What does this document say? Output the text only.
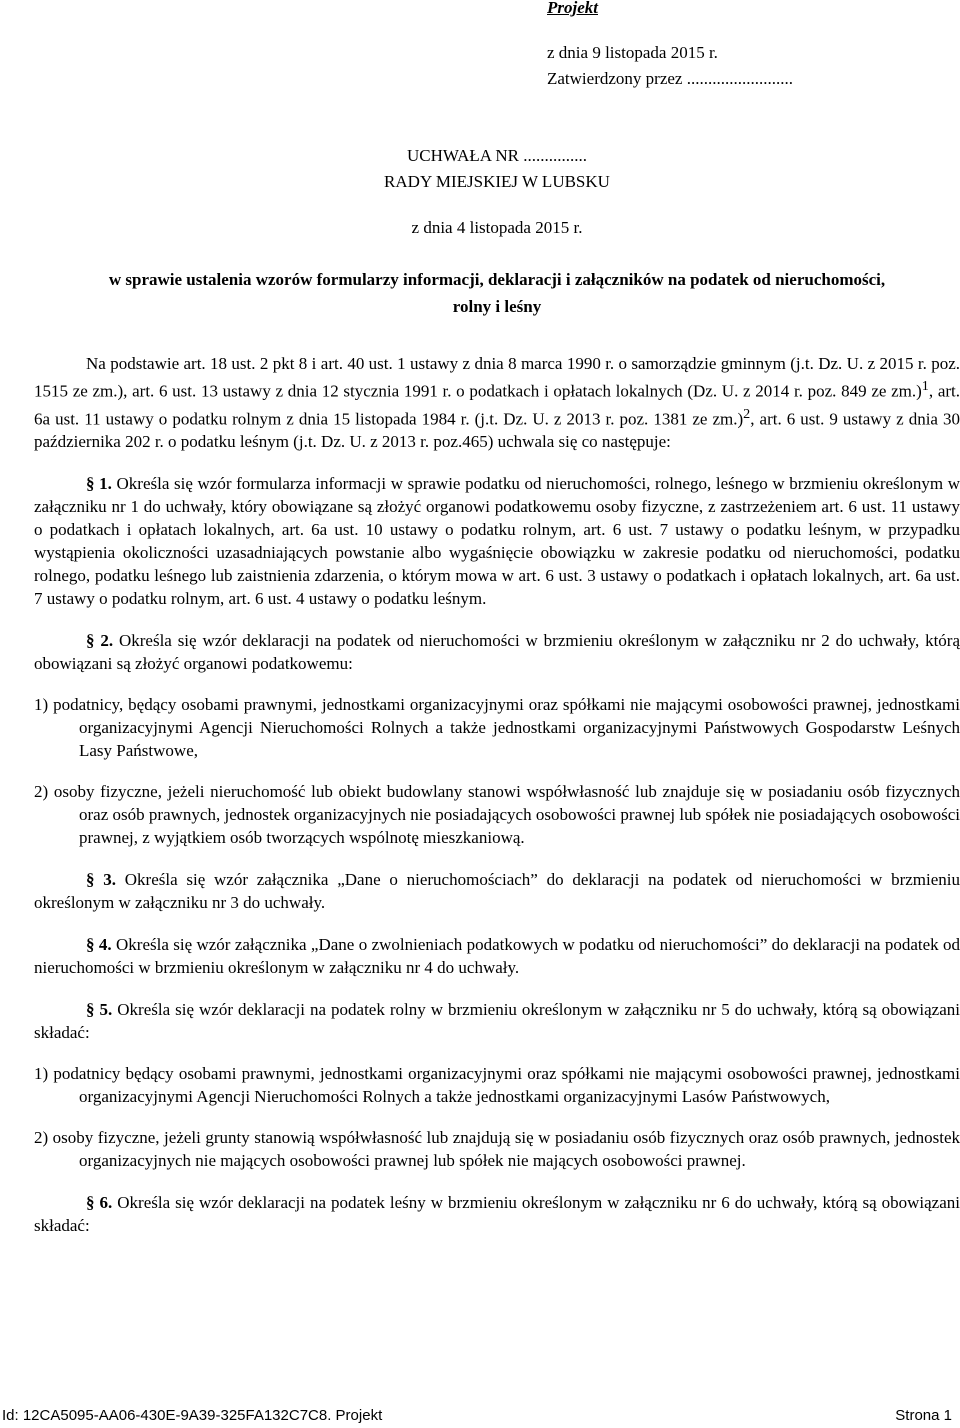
Projekt
z dnia 9 listopada 2015 r.
Zatwierdzony przez .........................
UCHWAŁA NR ...............
RADY MIEJSKIEJ W LUBSKU
z dnia 4 listopada 2015 r.
w sprawie ustalenia wzorów formularzy informacji, deklaracji i załączników na podatek od nieruchomości,
rolny i leśny

Na podstawie art. 18 ust. 2 pkt 8 i art. 40 ust. 1 ustawy z dnia 8 marca 1990 r. o samorządzie gminnym (j.t. Dz. U. z 2015 r. poz. 1515 ze zm.), art. 6 ust. 13 ustawy z dnia 12 stycznia 1991 r. o podatkach i opłatach lokalnych (Dz. U. z 2014 r. poz. 849 ze zm.)$^1$, art. 6a ust. 11 ustawy o podatku rolnym z dnia 15 listopada 1984 r. (j.t. Dz. U. z 2013 r. poz. 1381 ze zm.)$^2$, art. 6 ust. 9 ustawy z dnia 30 października 202 r. o podatku leśnym (j.t. Dz. U. z 2013 r. poz.465) uchwala się co następuje:

§ 1. Określa się wzór formularza informacji w sprawie podatku od nieruchomości, rolnego, leśnego w brzmieniu określonym w załączniku nr 1 do uchwały, który obowiązane są złożyć organowi podatkowemu osoby fizyczne, z zastrzeżeniem art. 6 ust. 11 ustawy o podatkach i opłatach lokalnych, art. 6a ust. 10 ustawy o podatku rolnym, art. 6 ust. 7 ustawy o podatku leśnym, w przypadku wystąpienia okoliczności uzasadniających powstanie albo wygaśnięcie obowiązku w zakresie podatku od nieruchomości, podatku rolnego, podatku leśnego lub zaistnienia zdarzenia, o którym mowa w art. 6 ust. 3 ustawy o podatkach i opłatach lokalnych, art. 6a ust. 7 ustawy o podatku rolnym, art. 6 ust. 4 ustawy o podatku leśnym.

§ 2. Określa się wzór deklaracji na podatek od nieruchomości w brzmieniu określonym w załączniku nr 2 do uchwały, którą obowiązani są złożyć organowi podatkowemu:

1) podatnicy, będący osobami prawnymi, jednostkami organizacyjnymi oraz spółkami nie mającymi osobowości prawnej, jednostkami organizacyjnymi Agencji Nieruchomości Rolnych a także jednostkami organizacyjnymi Państwowych Gospodarstw Leśnych Lasy Państwowe,

2) osoby fizyczne, jeżeli nieruchomość lub obiekt budowlany stanowi współwłasność lub znajduje się w posiadaniu osób fizycznych oraz osób prawnych, jednostek organizacyjnych nie posiadających osobowości prawnej lub spółek nie posiadających osobowości prawnej, z wyjątkiem osób tworzących wspólnotę mieszkaniową.

§ 3. Określa się wzór załącznika „Dane o nieruchomościach” do deklaracji na podatek od nieruchomości w brzmieniu określonym w załączniku nr 3 do uchwały.

§ 4. Określa się wzór załącznika „Dane o zwolnieniach podatkowych w podatku od nieruchomości” do deklaracji na podatek od nieruchomości w brzmieniu określonym w załączniku nr 4 do uchwały.

§ 5. Określa się wzór deklaracji na podatek rolny w brzmieniu określonym w załączniku nr 5 do uchwały, którą są obowiązani składać:

1) podatnicy będący osobami prawnymi, jednostkami organizacyjnymi oraz spółkami nie mającymi osobowości prawnej, jednostkami organizacyjnymi Agencji Nieruchomości Rolnych a także jednostkami organizacyjnymi Lasów Państwowych,

2) osoby fizyczne, jeżeli grunty stanowią współwłasność lub znajdują się w posiadaniu osób fizycznych oraz osób prawnych, jednostek organizacyjnych nie mających osobowości prawnej lub spółek nie mających osobowości prawnej.

§ 6. Określa się wzór deklaracji na podatek leśny w brzmieniu określonym w załączniku nr 6 do uchwały, którą są obowiązani składać:

Id: 12CA5095-AA06-430E-9A39-325FA132C7C8. Projekt	Strona 1
